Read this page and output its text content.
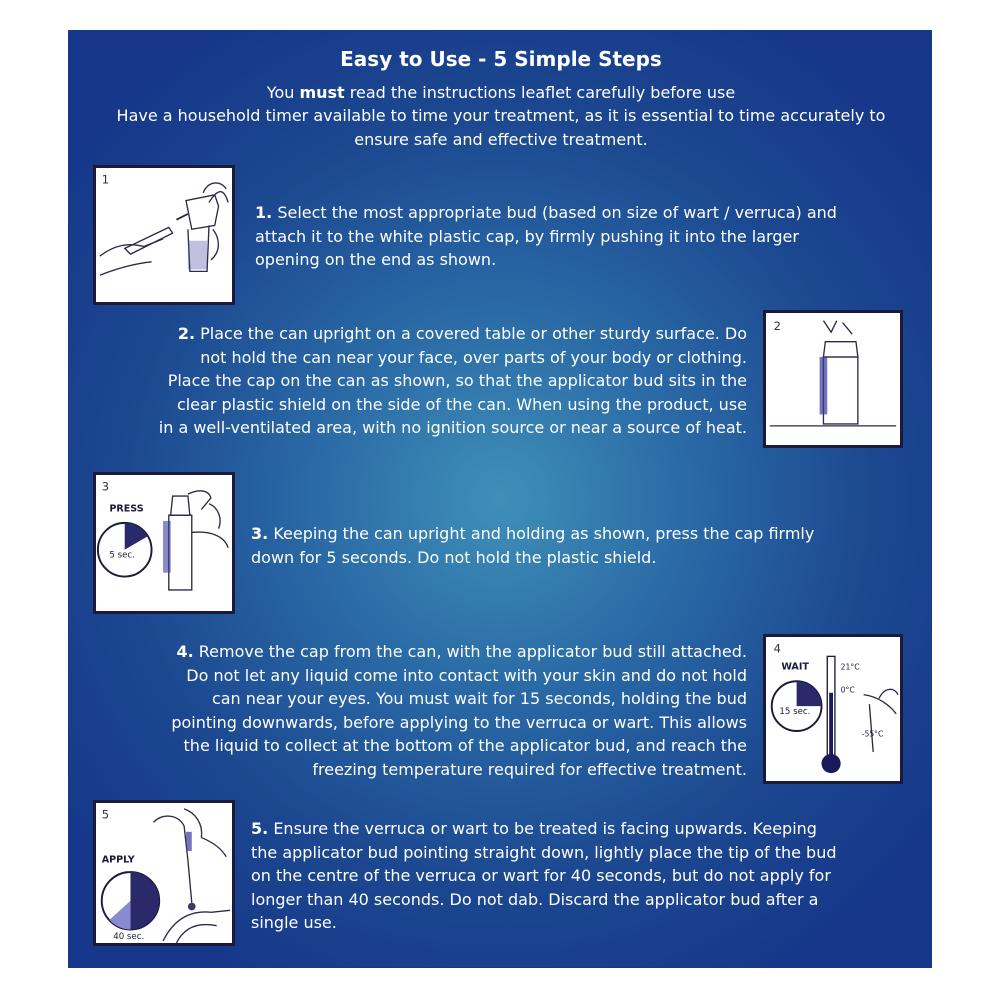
Easy to Use - 5 Simple Steps
You must read the instructions leaflet carefully before use
Have a household timer available to time your treatment, as it is essential to time accurately to
ensure safe and effective treatment.
1
1. Select the most appropriate bud (based on size of wart / verruca) and
attach it to the white plastic cap, by firmly pushing it into the larger
opening on the end as shown.
2. Place the can upright on a covered table or other sturdy surface. Do
not hold the can near your face, over parts of your body or clothing.
Place the cap on the can as shown, so that the applicator bud sits in the
clear plastic shield on the side of the can. When using the product, use
in a well-ventilated area, with no ignition source or near a source of heat.
2
3
PRESS
5 sec.
3. Keeping the can upright and holding as shown, press the cap firmly
down for 5 seconds. Do not hold the plastic shield.
4. Remove the cap from the can, with the applicator bud still attached.
Do not let any liquid come into contact with your skin and do not hold
can near your eyes. You must wait for 15 seconds, holding the bud
pointing downwards, before applying to the verruca or wart. This allows
the liquid to collect at the bottom of the applicator bud, and reach the
freezing temperature required for effective treatment.
4
WAIT
15 sec.
21°C
0°C
-55°C
5
APPLY
40 sec.
5. Ensure the verruca or wart to be treated is facing upwards. Keeping
the applicator bud pointing straight down, lightly place the tip of the bud
on the centre of the verruca or wart for 40 seconds, but do not apply for
longer than 40 seconds. Do not dab. Discard the applicator bud after a
single use.
